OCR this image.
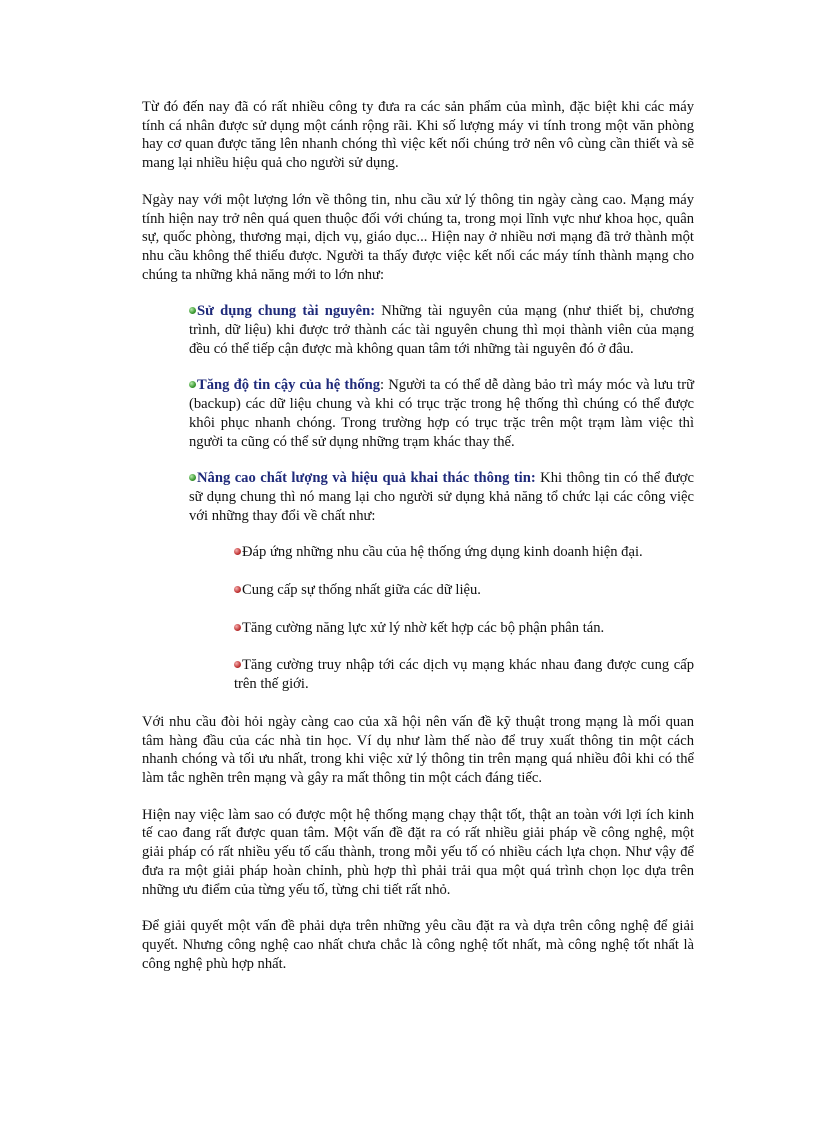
Từ đó đến nay đã có rất nhiều công ty đưa ra các sản phẩm của mình, đặc biệt khi các máy tính cá nhân được sử dụng một cánh rộng rãi. Khi số lượng máy vi tính trong một văn phòng hay cơ quan được tăng lên nhanh chóng thì việc kết nối chúng trở nên vô cùng cần thiết và sẽ mang lại nhiều hiệu quả cho người sử dụng.

Ngày nay với một lượng lớn về thông tin, nhu cầu xử lý thông tin ngày càng cao. Mạng máy tính hiện nay trở nên quá quen thuộc đối với chúng ta, trong mọi lĩnh vực như khoa học, quân sự, quốc phòng, thương mại, dịch vụ, giáo dục... Hiện nay ở nhiều nơi mạng đã trở thành một nhu cầu không thể thiếu được. Người ta thấy được việc kết nối các máy tính thành mạng cho chúng ta những khả năng mới to lớn như:

Sử dụng chung tài nguyên: Những tài nguyên của mạng (như thiết bị, chương trình, dữ liệu) khi được trở thành các tài nguyên chung thì mọi thành viên của mạng đều có thể tiếp cận được mà không quan tâm tới những tài nguyên đó ở đâu.

Tăng độ tin cậy của hệ thống: Người ta có thể dễ dàng bảo trì máy móc và lưu trữ (backup) các dữ liệu chung và khi có trục trặc trong hệ thống thì chúng có thể được khôi phục nhanh chóng. Trong trường hợp có trục trặc trên một trạm làm việc thì người ta cũng có thể sử dụng những trạm khác thay thế.

Nâng cao chất lượng và hiệu quả khai thác thông tin: Khi thông tin có thể được sữ dụng chung thì nó mang lại cho người sử dụng khả năng tổ chức lại các công việc với những thay đổi về chất như:

Đáp ứng những nhu cầu của hệ thống ứng dụng kinh doanh hiện đại.

Cung cấp sự thống nhất giữa các dữ liệu.

Tăng cường năng lực xử lý nhờ kết hợp các bộ phận phân tán.

Tăng cường truy nhập tới các dịch vụ mạng khác nhau đang được cung cấp trên thế giới.

Với nhu cầu đòi hỏi ngày càng cao của xã hội nên vấn đề kỹ thuật trong mạng là mối quan tâm hàng đầu của các nhà tin học. Ví dụ như làm thế nào để truy xuất thông tin một cách nhanh chóng và tối ưu nhất, trong khi việc xử lý thông tin trên mạng quá nhiều đôi khi có thể làm tắc nghẽn trên mạng và gây ra mất thông tin một cách đáng tiếc.

Hiện nay việc làm sao có được một hệ thống mạng chạy thật tốt, thật an toàn với lợi ích kinh tế cao đang rất được quan tâm. Một vấn đề đặt ra có rất nhiều giải pháp về công nghệ, một giải pháp có rất nhiều yếu tố cấu thành, trong mỗi yếu tố có nhiều cách lựa chọn. Như vậy để đưa ra một giải pháp hoàn chỉnh, phù hợp thì phải trải qua một quá trình chọn lọc dựa trên những ưu điểm của từng yếu tố, từng chi tiết rất nhỏ.

Để giải quyết một vấn đề phải dựa trên những yêu cầu đặt ra và dựa trên công nghệ để giải quyết. Nhưng công nghệ cao nhất chưa chắc là công nghệ tốt nhất, mà công nghệ tốt nhất là công nghệ phù hợp nhất.
